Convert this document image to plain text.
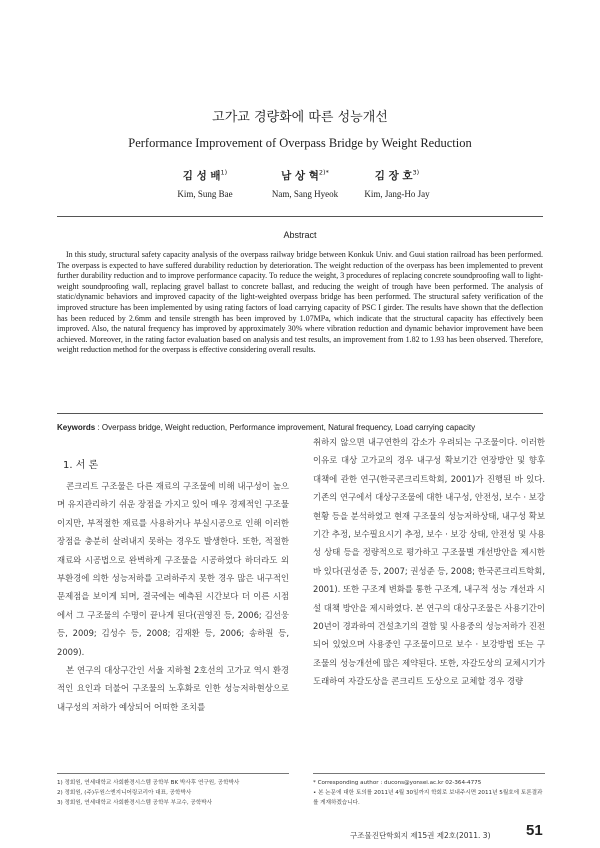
고가교 경량화에 따른 성능개선
Performance Improvement of Overpass Bridge by Weight Reduction
김 성 배$^{1)}$
Kim, Sung Bae
남 상 혁$^{2)*}$
Nam, Sang Hyeok
김 장 호$^{3)}$
Kim, Jang-Ho Jay
Abstract
In this study, structural safety capacity analysis of the overpass railway bridge between Konkuk Univ. and Guui station railroad has been performed. The overpass is expected to have suffered durability reduction by deterioration. The weight reduction of the overpass has been implemented to prevent further durability reduction and to improve performance capacity. To reduce the weight, 3 procedures of replacing concrete soundproofing wall to light-weight soundproofing wall, replacing gravel ballast to concrete ballast, and reducing the weight of trough have been performed. The analysis of static/dynamic behaviors and improved capacity of the light-weighted overpass bridge has been performed. The structural safety verification of the improved structure has been implemented by using rating factors of load carrying capacity of PSC I girder. The results have shown that the deflection has been reduced by 2.6mm and tensile strength has been improved by 1.07MPa, which indicate that the structural capacity has effectively been improved. Also, the natural frequency has improved by approximately 30% where vibration reduction and dynamic behavior improvement have been achieved. Moreover, in the rating factor evaluation based on analysis and test results, an improvement from 1.82 to 1.93 has been observed. Therefore, weight reduction method for the overpass is effective considering overall results.
Keywords : Overpass bridge, Weight reduction, Performance improvement, Natural frequency, Load carrying capacity
1. 서 론

콘크리트 구조물은 다른 재료의 구조물에 비해 내구성이 높으며 유지관리하기 쉬운 장점을 가지고 있어 매우 경제적인 구조물이지만, 부적절한 재료를 사용하거나 부실시공으로 인해 이러한 장점을 충분히 살려내지 못하는 경우도 발생한다. 또한, 적절한 재료와 시공법으로 완벽하게 구조물을 시공하였다 하더라도 외부환경에 의한 성능저하를 고려하주지 못한 경우 많은 내구적인 문제점을 보이게 되며, 결국에는 예측된 시간보다 더 이른 시점에서 그 구조물의 수명이 끝나게 된다(권영진 등, 2006; 김선웅 등, 2009; 김성수 등, 2008; 김재환 등, 2006; 송하원 등, 2009).

본 연구의 대상구간인 서울 지하철 2호선의 고가교 역시 환경적인 요인과 더불어 구조물의 노후화로 인한 성능저하현상으로 내구성의 저하가 예상되어 어떠한 조치를

취하지 않으면 내구연한의 감소가 우려되는 구조물이다. 이러한 이유로 대상 고가교의 경우 내구성 확보기간 연장방안 및 향후 대책에 관한 연구(한국콘크리트학회, 2001)가 진행된 바 있다. 기존의 연구에서 대상구조물에 대한 내구성, 안전성, 보수 · 보강 현황 등을 분석하였고 현재 구조물의 성능저하상태, 내구성 확보기간 추정, 보수필요시기 추정, 보수 · 보강 상태, 안전성 및 사용성 상태 등을 정량적으로 평가하고 구조물별 개선방안을 제시한 바 있다(권성준 등, 2007; 권성준 등, 2008; 한국콘크리트학회, 2001). 또한 구조계 변화를 통한 구조계, 내구적 성능 개선과 시설 대책 방안을 제시하였다. 본 연구의 대상구조물은 사용기간이 20년이 경과하여 건설초기의 결함 및 사용중의 성능저하가 진전되어 있었으며 사용중인 구조물이므로 보수 · 보강방법 또는 구조물의 성능개선에 많은 제약된다. 또한, 자갈도상의 교체시기가 도래하여 자갈도상을 콘크리트 도상으로 교체할 경우 경량

1) 정회원, 연세대학교 사회환경시스템 공학부 BK 박사후 연구원, 공학박사
2) 정회원, (주)두원스엔지니어링코리아 대표, 공학박사
3) 정회원, 연세대학교 사회환경시스템 공학부 부교수, 공학박사
* Corresponding author : ducons@yonsei.ac.kr 02-364-4775
• 본 논문에 대한 토의를 2011년 4월 30일까지 학회로 보내주시면 2011년 5월호에 토론결과를 게재하겠습니다.
구조물진단학회지 제15권 제2호(2011. 3) 51
